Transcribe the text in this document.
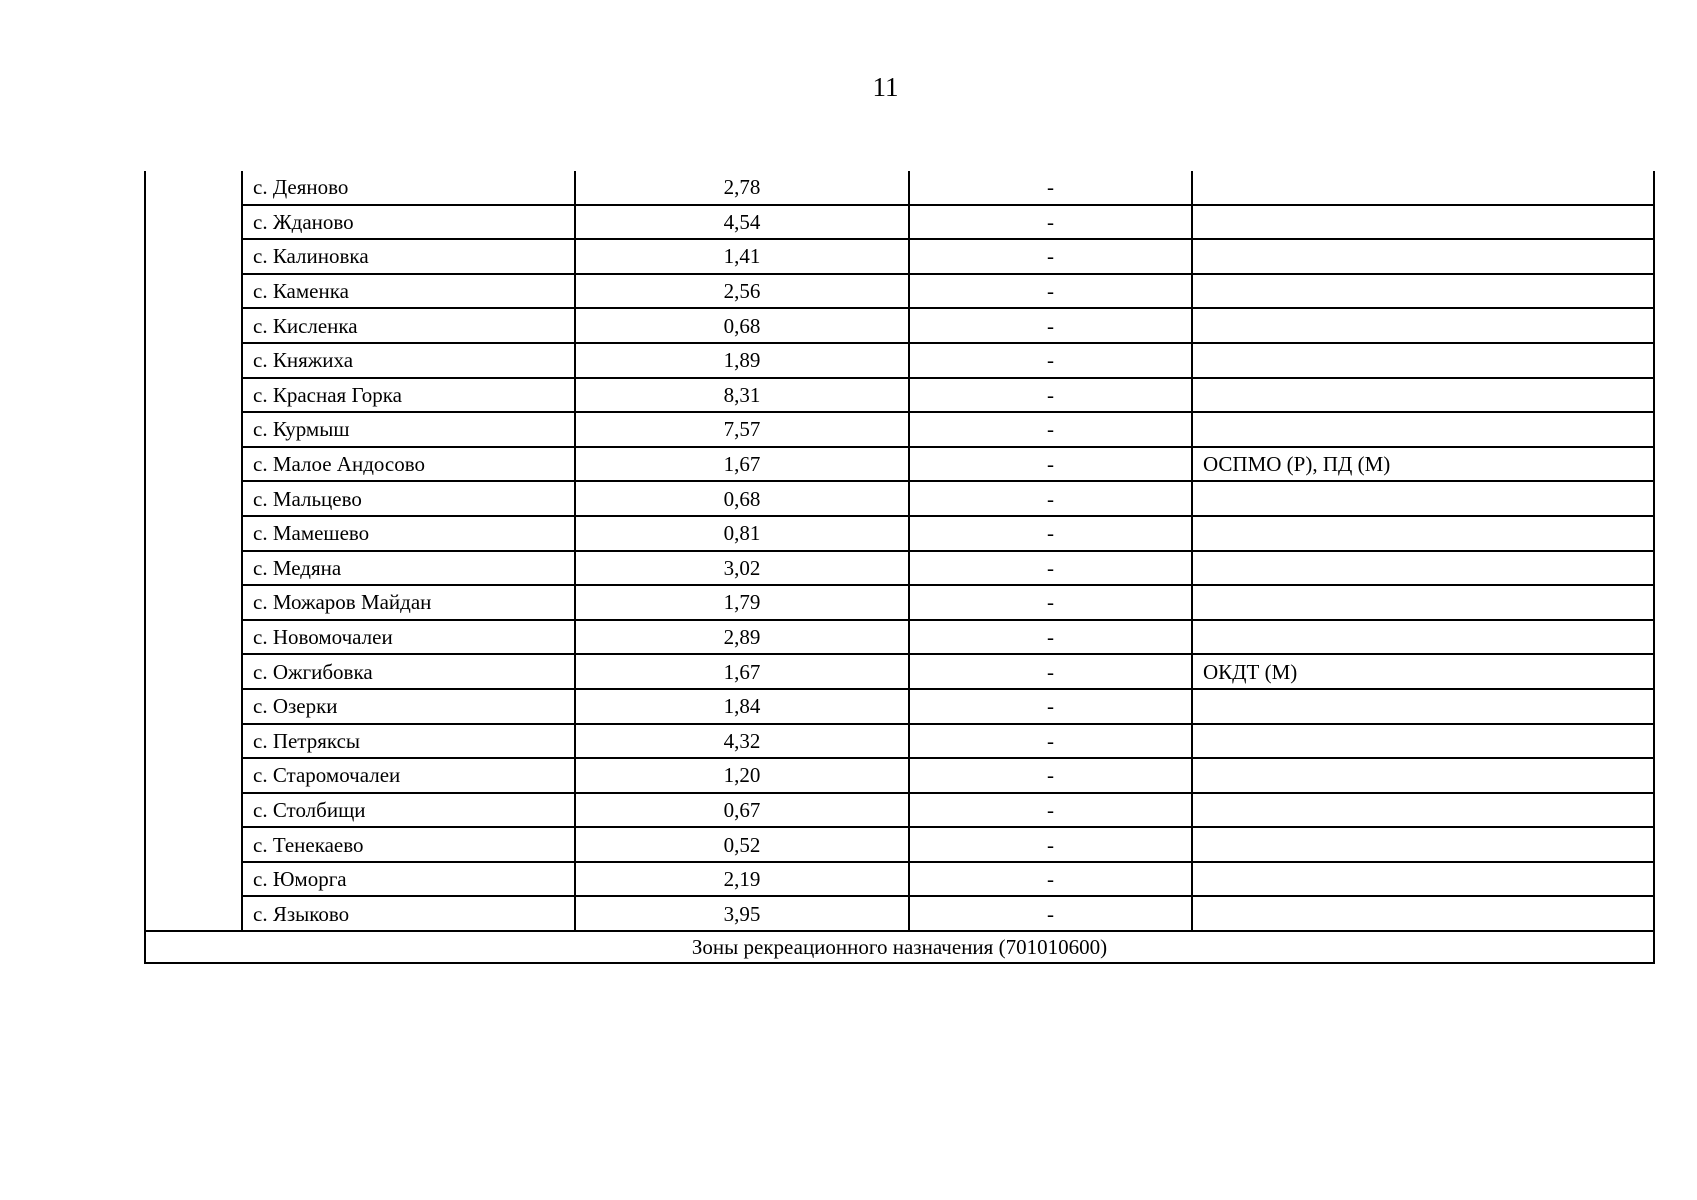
11
	с. Деяново	2,78	-	
	с. Жданово	4,54	-	
	с. Калиновка	1,41	-	
	с. Каменка	2,56	-	
	с. Кисленка	0,68	-	
	с. Княжиха	1,89	-	
	с. Красная Горка	8,31	-	
	с. Курмыш	7,57	-	
	с. Малое Андосово	1,67	-	ОСПМО (Р), ПД (М)
	с. Мальцево	0,68	-	
	с. Мамешево	0,81	-	
	с. Медяна	3,02	-	
	с. Можаров Майдан	1,79	-	
	с. Новомочалеи	2,89	-	
	с. Ожгибовка	1,67	-	ОКДТ (М)
	с. Озерки	1,84	-	
	с. Петряксы	4,32	-	
	с. Старомочалеи	1,20	-	
	с. Столбищи	0,67	-	
	с. Тенекаево	0,52	-	
	с. Юморга	2,19	-	
	с. Языково	3,95	-	
Зоны рекреационного назначения (701010600)				
